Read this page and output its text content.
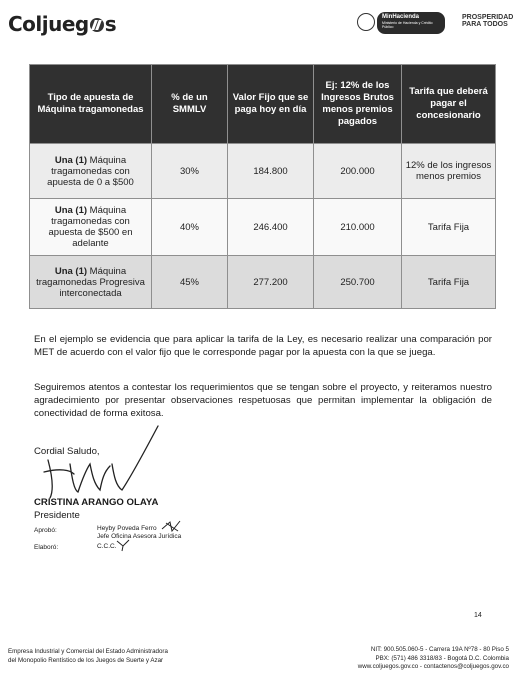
Coljueg s	MinHacienda
Ministerio de Hacienda y Crédito Público
PROSPERIDAD
PARA TODOS
Tipo de apuesta de Máquina tragamonedas	% de un SMMLV	Valor Fijo que se paga hoy en día	Ej: 12% de los Ingresos Brutos menos premios pagados	Tarifa que deberá pagar el concesionario
Una (1) Máquina tragamonedas con apuesta de 0 a $500	30%	184.800	200.000	12% de los ingresos menos premios
Una (1) Máquina tragamonedas con apuesta de $500 en adelante	40%	246.400	210.000	Tarifa Fija
Una (1) Máquina tragamonedas Progresiva interconectada	45%	277.200	250.700	Tarifa Fija
En el ejemplo se evidencia que para aplicar la tarifa de la Ley, es necesario realizar una comparación por MET de acuerdo con el valor fijo que le corresponde pagar por la apuesta con la que se juega.
Seguiremos atentos a contestar los requerimientos que se tengan sobre el proyecto, y reiteramos nuestro agradecimiento por presentar observaciones respetuosas que permitan implementar la obligación de conectividad de forma exitosa.
Cordial Saludo,
CRISTINA ARANGO OLAYA
President​e
Aprobó:	Heyby Poveda Ferro
Jefe Oficina Asesora Jurídica
Elaboró:	C.C.C.
14
Empresa Industrial y Comercial del Estado Administradora
del Monopolio Rentístico de los Juegos de Suerte y Azar
NIT: 900.505.060-5 - Carrera 19A Nº78 - 80 Piso 5
PBX: (571) 486 3318/83 - Bogotá D.C. Colombia
www.coljuegos.gov.co - contactenos@coljuegos.gov.co
